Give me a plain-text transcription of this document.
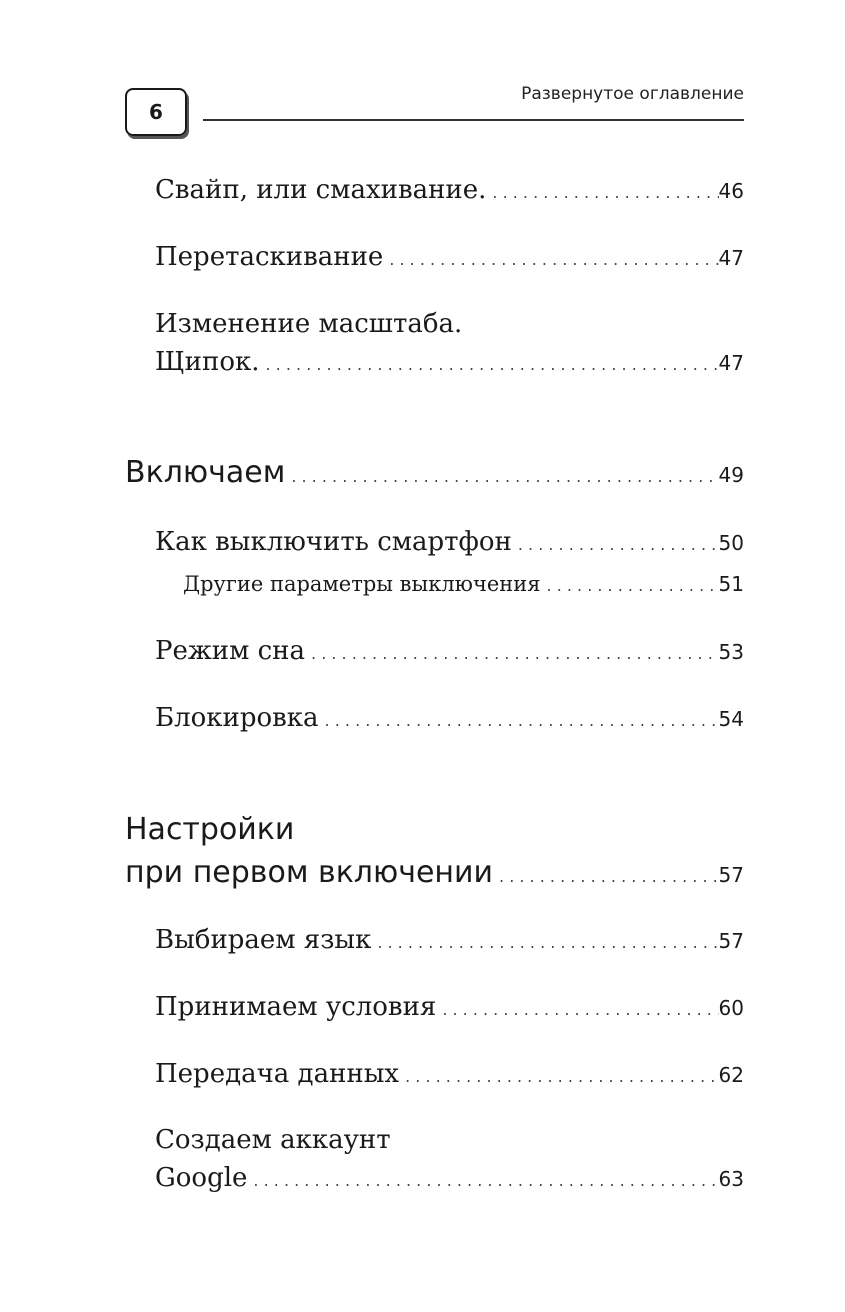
6
Развернутое оглавление
Свайп, или смахивание. . . .	46
Перетаскивание . . .	47
Изменение масштаба.
Щипок. . . .	47
Включаем . . .	49
Как выключить смартфон . . .	50
Другие параметры выключения . . .	51
Режим сна . . .	53
Блокировка . . .	54
Настройки
при первом включении . . .	57
Выбираем язык . . .	57
Принимаем условия . . .	60
Передача данных . . .	62
Создаем аккаунт
Google . . .	63
